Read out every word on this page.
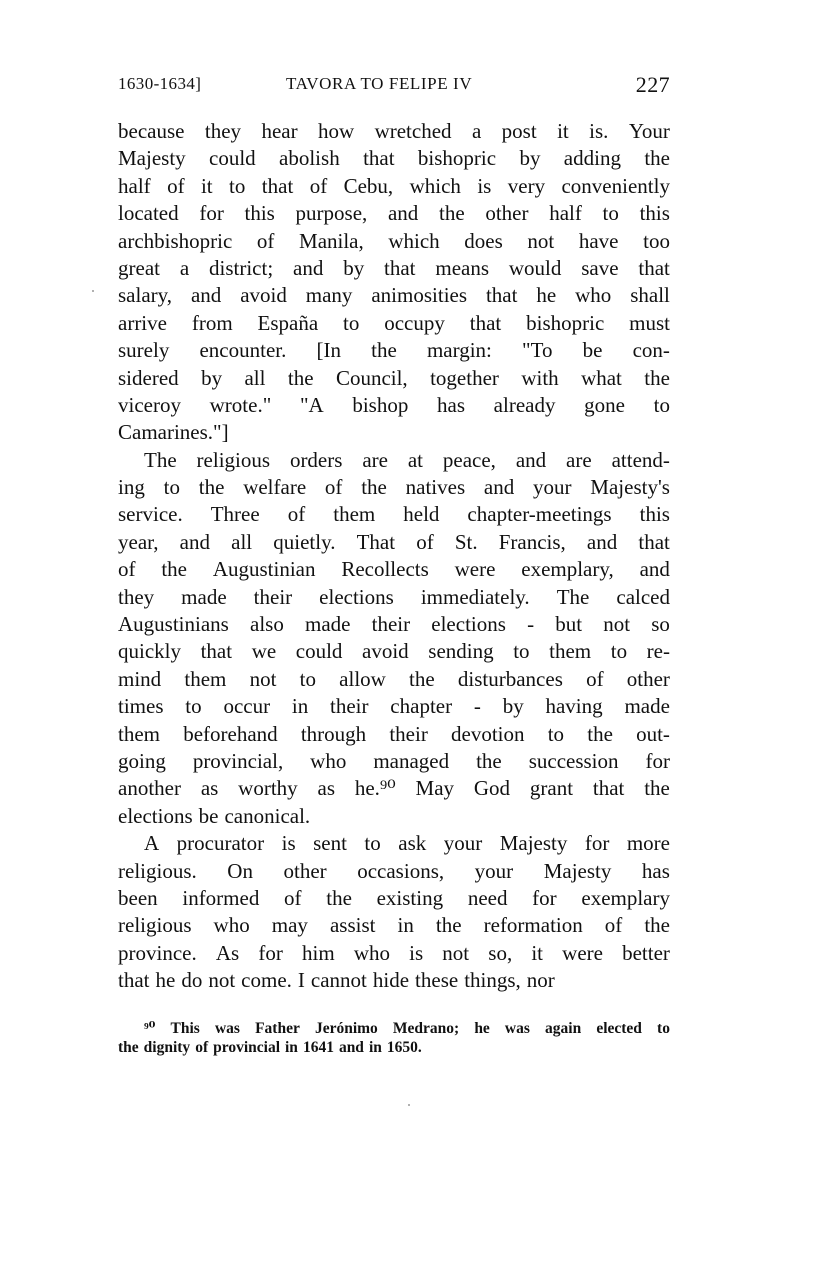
1630-1634]	TAVORA TO FELIPE IV	227
because they hear how wretched a post it is. Your
Majesty could abolish that bishopric by adding the
half of it to that of Cebu, which is very conveniently
located for this purpose, and the other half to this
archbishopric of Manila, which does not have too
great a district; and by that means would save that
salary, and avoid many animosities that he who shall
arrive from España to occupy that bishopric must
surely encounter. [In the margin: "To be con-
sidered by all the Council, together with what the
viceroy wrote." "A bishop has already gone to
Camarines."]
The religious orders are at peace, and are attend-
ing to the welfare of the natives and your Majesty's
service. Three of them held chapter-meetings this
year, and all quietly. That of St. Francis, and that
of the Augustinian Recollects were exemplary, and
they made their elections immediately. The calced
Augustinians also made their elections - but not so
quickly that we could avoid sending to them to re-
mind them not to allow the disturbances of other
times to occur in their chapter - by having made
them beforehand through their devotion to the out-
going provincial, who managed the succession for
another as worthy as he.⁹⁰ May God grant that the
elections be canonical.
A procurator is sent to ask your Majesty for more
religious. On other occasions, your Majesty has
been informed of the existing need for exemplary
religious who may assist in the reformation of the
province. As for him who is not so, it were better
that he do not come. I cannot hide these things, nor
⁹⁰ This was Father Jerónimo Medrano; he was again elected to
the dignity of provincial in 1641 and in 1650.
